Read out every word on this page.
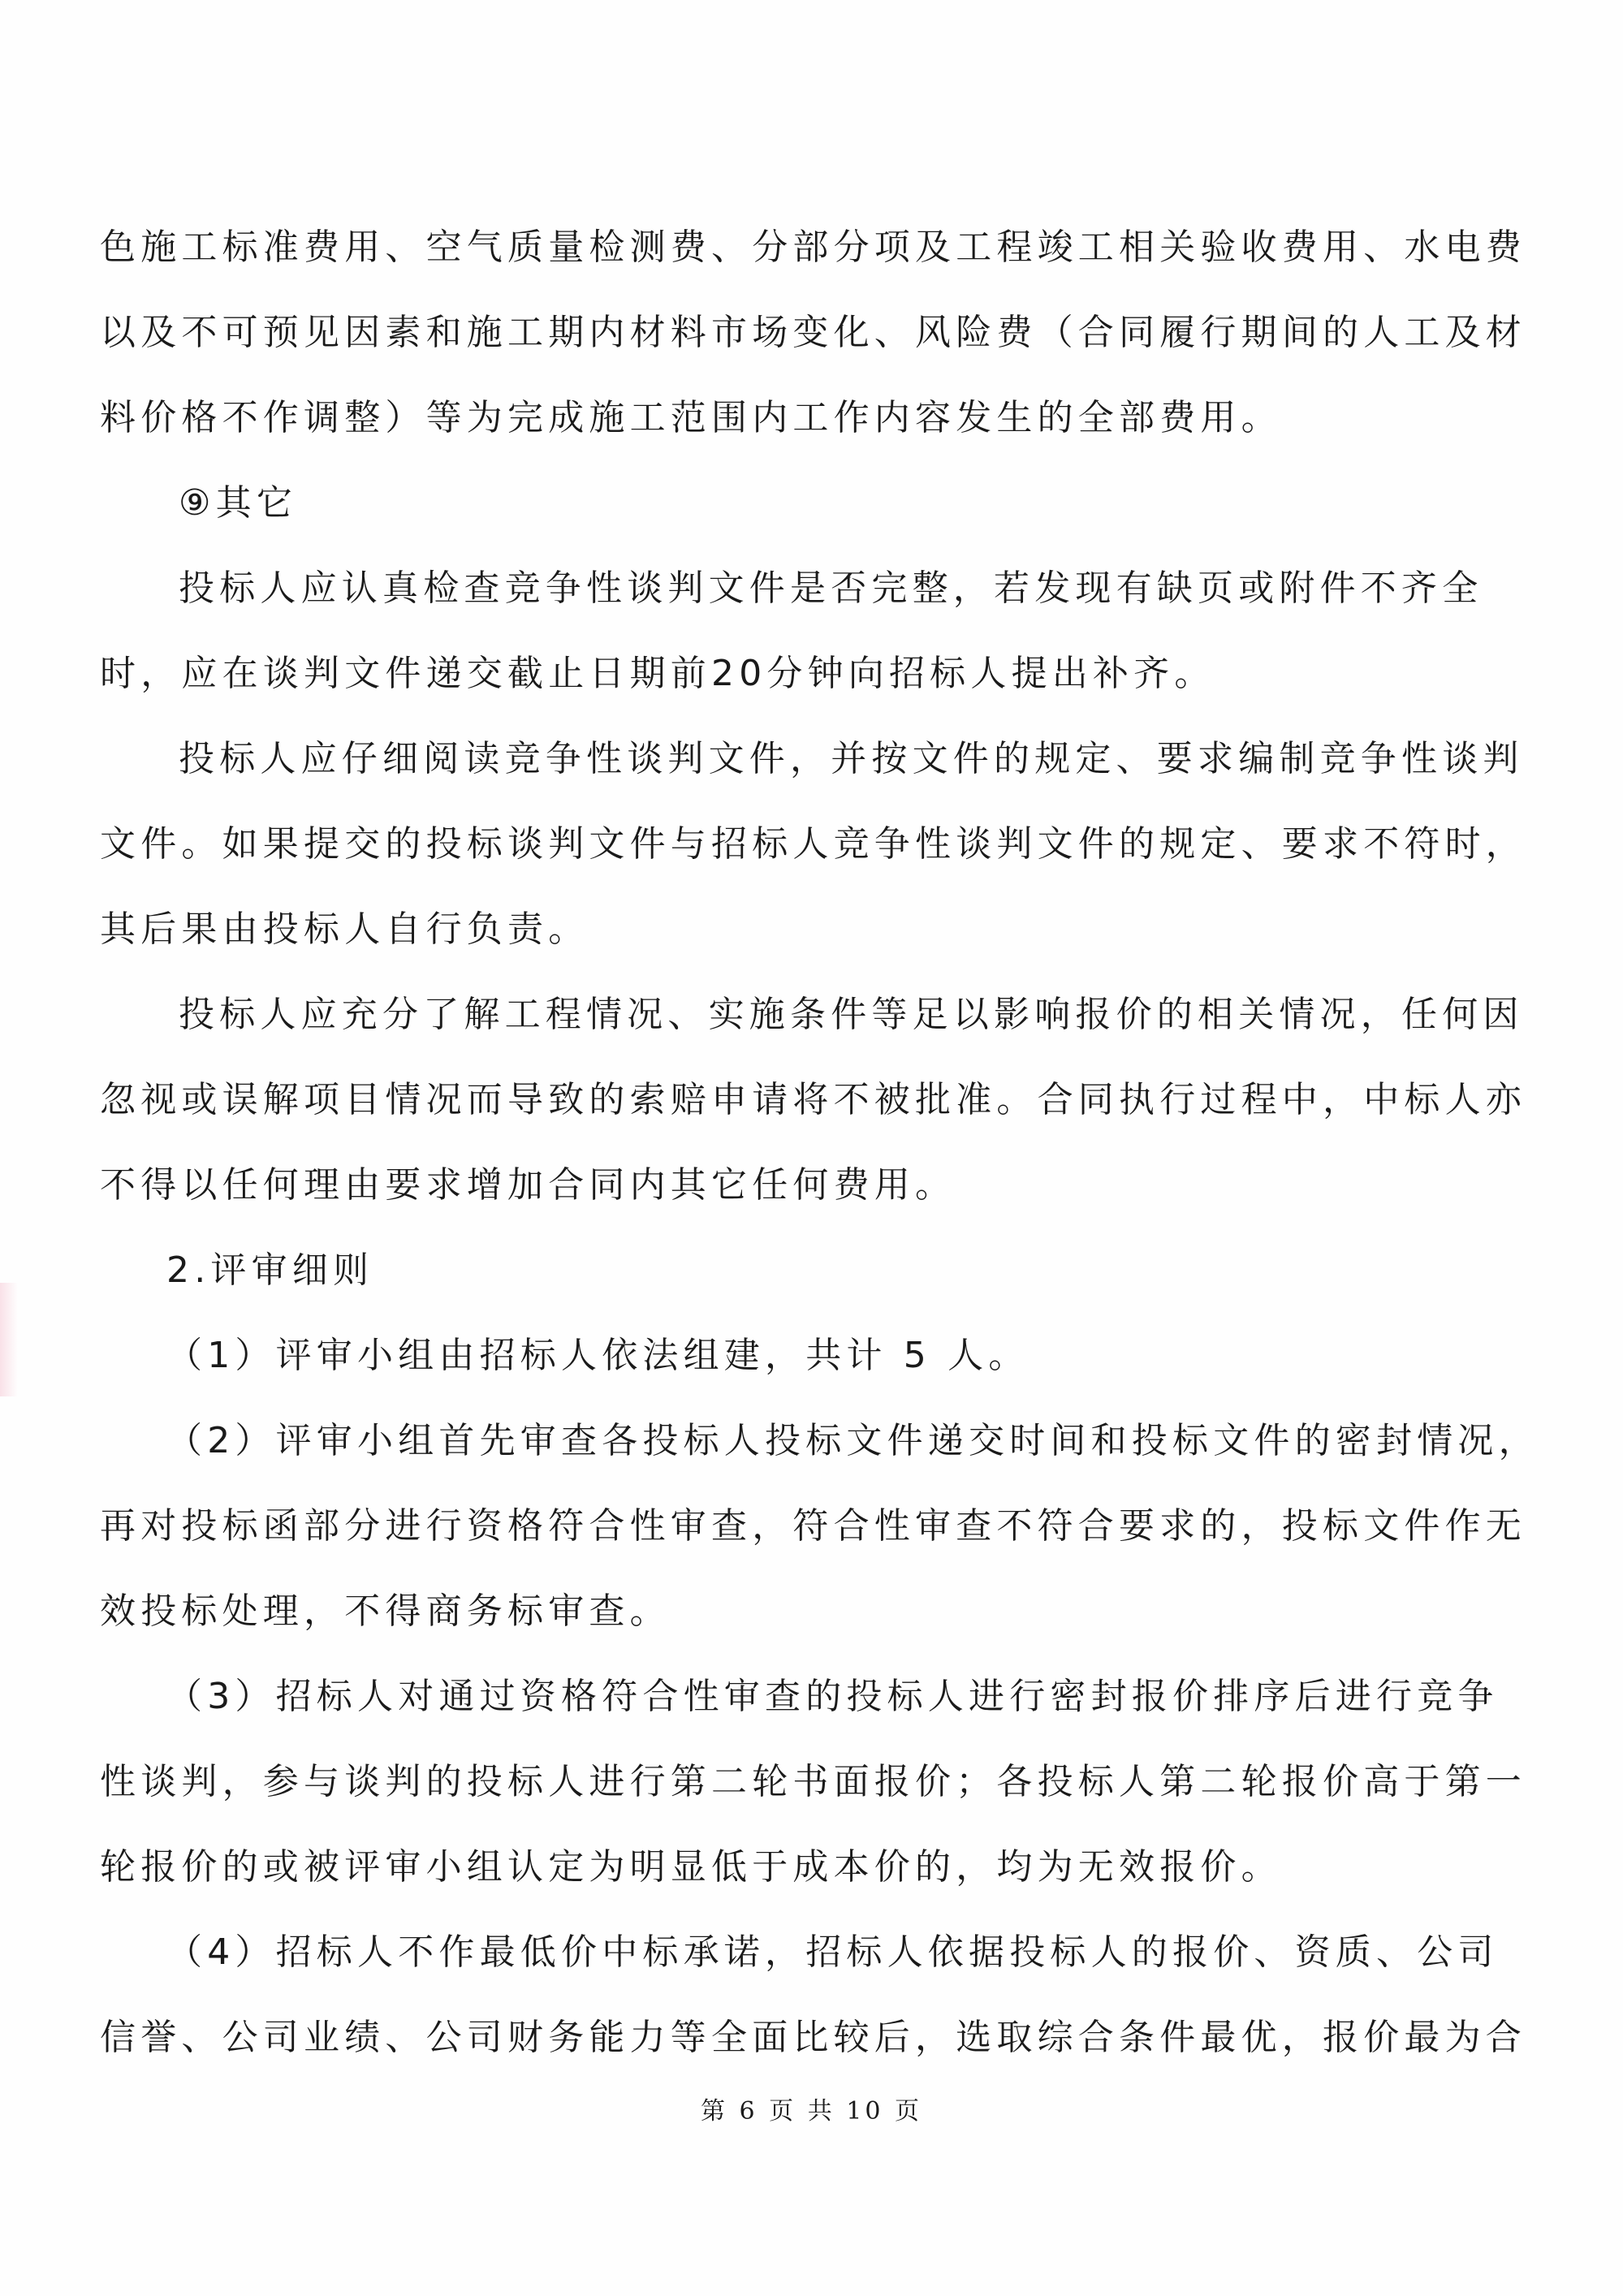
色施工标准费用、空气质量检测费、分部分项及工程竣工相关验收费用、水电费
以及不可预见因素和施工期内材料市场变化、风险费（合同履行期间的人工及材
料价格不作调整）等为完成施工范围内工作内容发生的全部费用。
⑨其它
投标人应认真检查竞争性谈判文件是否完整，若发现有缺页或附件不齐全
时，应在谈判文件递交截止日期前20分钟向招标人提出补齐。
投标人应仔细阅读竞争性谈判文件，并按文件的规定、要求编制竞争性谈判
文件。如果提交的投标谈判文件与招标人竞争性谈判文件的规定、要求不符时，
其后果由投标人自行负责。
投标人应充分了解工程情况、实施条件等足以影响报价的相关情况，任何因
忽视或误解项目情况而导致的索赔申请将不被批准。合同执行过程中，中标人亦
不得以任何理由要求增加合同内其它任何费用。
2.评审细则
（1）评审小组由招标人依法组建，共计 5 人。
（2）评审小组首先审查各投标人投标文件递交时间和投标文件的密封情况，
再对投标函部分进行资格符合性审查，符合性审查不符合要求的，投标文件作无
效投标处理，不得商务标审查。
（3）招标人对通过资格符合性审查的投标人进行密封报价排序后进行竞争
性谈判，参与谈判的投标人进行第二轮书面报价；各投标人第二轮报价高于第一
轮报价的或被评审小组认定为明显低于成本价的，均为无效报价。
（4）招标人不作最低价中标承诺，招标人依据投标人的报价、资质、公司
信誉、公司业绩、公司财务能力等全面比较后，选取综合条件最优，报价最为合
第 6 页 共 10 页
